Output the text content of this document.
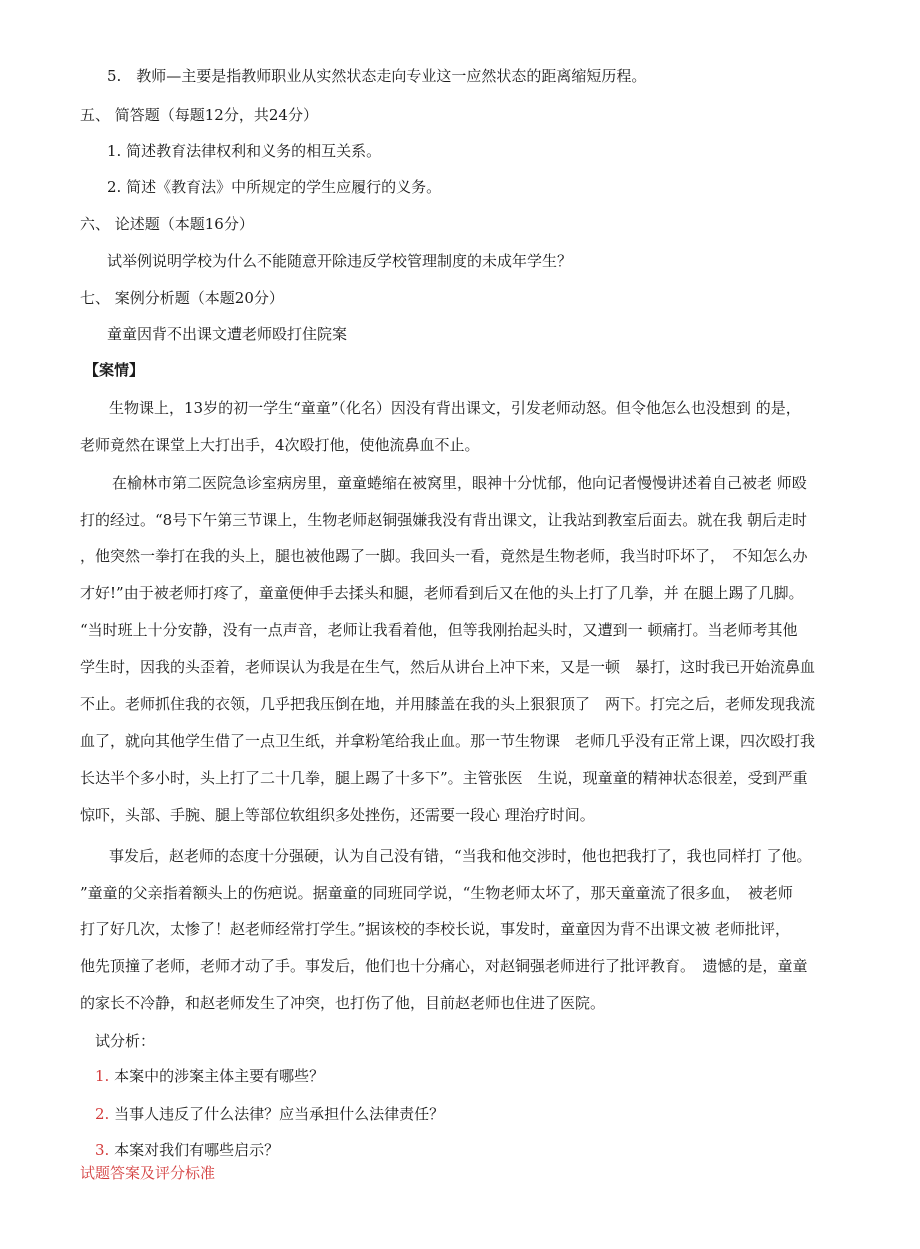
5.　教师—主要是指教师职业从实然状态走向专业这一应然状态的距离缩短历程。
五、 简答题（每题12分，共24分）
1. 简述教育法律权利和义务的相互关系。
2. 简述《教育法》中所规定的学生应履行的义务。
六、 论述题（本题16分）
试举例说明学校为什么不能随意开除违反学校管理制度的未成年学生？
七、 案例分析题（本题20分）
童童因背不出课文遭老师殴打住院案
【案情】
生物课上，13岁的初一学生“童童”（化名）因没有背出课文，引发老师动怒。但令他怎么也没想到 的是，
老师竟然在课堂上大打出手，4次殴打他，使他流鼻血不止。
在榆林市第二医院急诊室病房里，童童蜷缩在被窝里，眼神十分忧郁，他向记者慢慢讲述着自己被老 师殴
打的经过。“8号下午第三节课上，生物老师赵铜强嫌我没有背出课文，让我站到教室后面去。就在我 朝后走时
，他突然一拳打在我的头上，腿也被他踢了一脚。我回头一看，竟然是生物老师，我当时吓坏了，　不知怎么办
才好!”由于被老师打疼了，童童便伸手去揉头和腿，老师看到后又在他的头上打了几拳，并 在腿上踢了几脚。
“当时班上十分安静，没有一点声音，老师让我看着他，但等我刚抬起头时，又遭到一 顿痛打。当老师考其他
学生时，因我的头歪着，老师误认为我是在生气，然后从讲台上冲下来，又是一顿　暴打，这时我已开始流鼻血
不止。老师抓住我的衣领，几乎把我压倒在地，并用膝盖在我的头上狠狠顶了　两下。打完之后，老师发现我流
血了，就向其他学生借了一点卫生纸，并拿粉笔给我止血。那一节生物课　老师几乎没有正常上课，四次殴打我
长达半个多小时，头上打了二十几拳，腿上踢了十多下”。主管张医　生说，现童童的精神状态很差，受到严重
惊吓，头部、手腕、腿上等部位软组织多处挫伤，还需要一段心 理治疗时间。
事发后，赵老师的态度十分强硬，认为自己没有错，“当我和他交涉时，他也把我打了，我也同样打 了他。
”童童的父亲指着额头上的伤疤说。据童童的同班同学说，“生物老师太坏了，那天童童流了很多血，　被老师
打了好几次，太惨了！赵老师经常打学生。”据该校的李校长说，事发时，童童因为背不出课文被 老师批评，
他先顶撞了老师，老师才动了手。事发后，他们也十分痛心，对赵铜强老师进行了批评教育。　遗憾的是，童童
的家长不冷静，和赵老师发生了冲突，也打伤了他，目前赵老师也住进了医院。
试分析：
1. 本案中的涉案主体主要有哪些？
2. 当事人违反了什么法律？应当承担什么法律责任？
3. 本案对我们有哪些启示？
试题答案及评分标准
